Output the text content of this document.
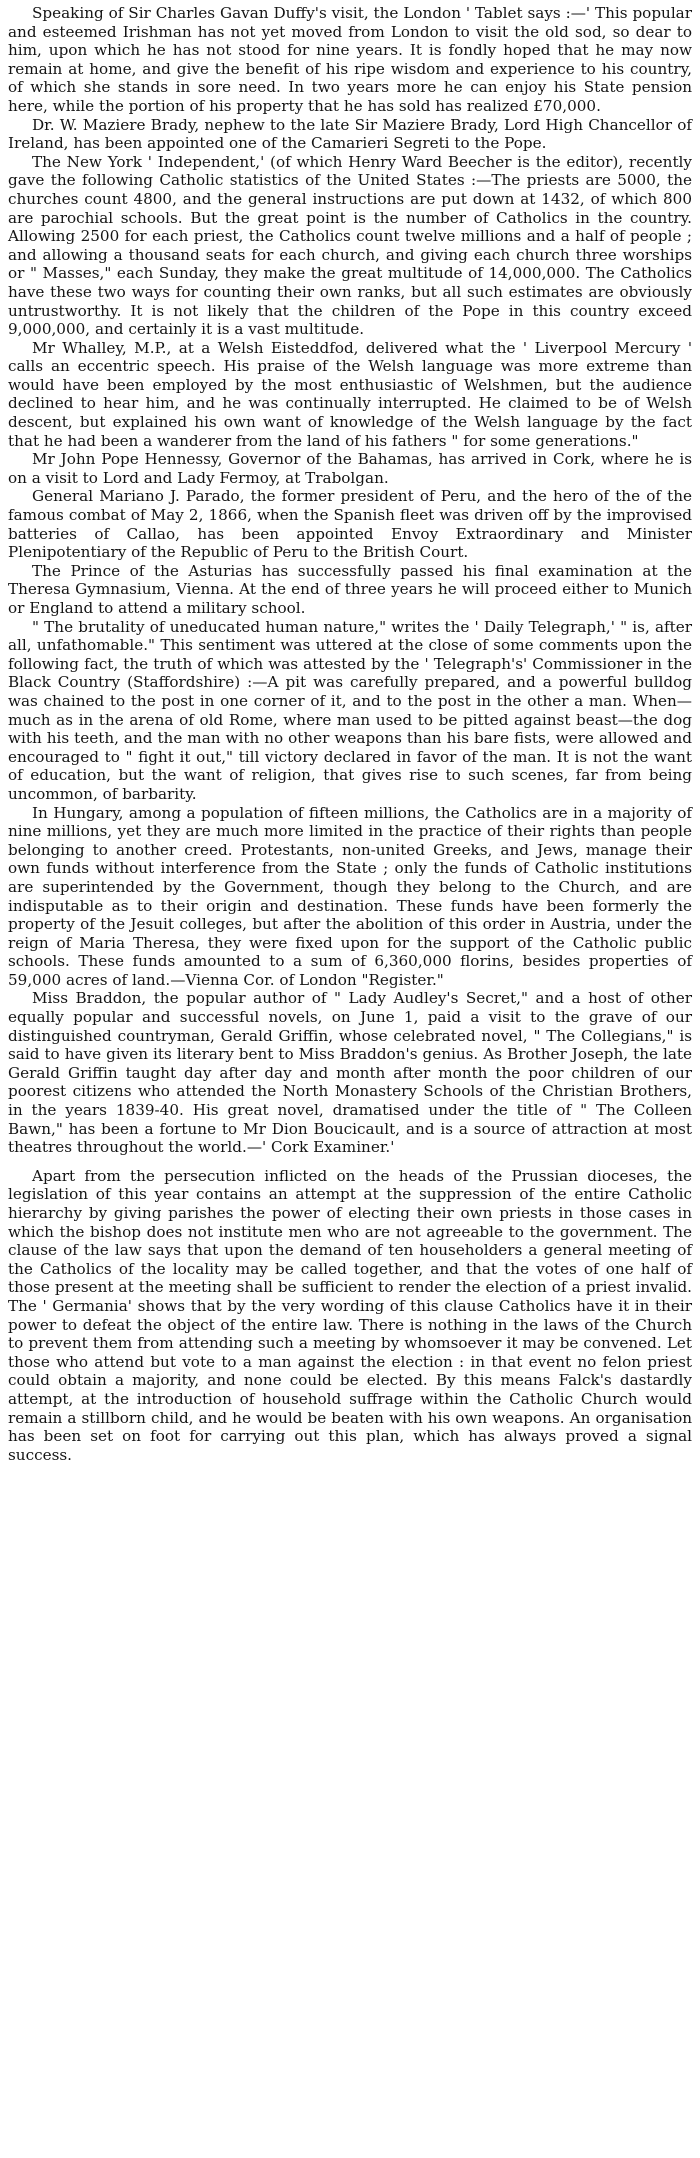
Speaking of Sir Charles Gavan Duffy's visit, the London ' Tablet says :—' This popular and esteemed Irishman has not yet moved from London to visit the old sod, so dear to him, upon which he has not stood for nine years. It is fondly hoped that he may now remain at home, and give the benefit of his ripe wisdom and experience to his country, of which she stands in sore need. In two years more he can enjoy his State pension here, while the portion of his property that he has sold has realized £70,000.

Dr. W. Maziere Brady, nephew to the late Sir Maziere Brady, Lord High Chancellor of Ireland, has been appointed one of the Camarieri Segreti to the Pope.

The New York ' Independent,' (of which Henry Ward Beecher is the editor), recently gave the following Catholic statistics of the United States :—The priests are 5000, the churches count 4800, and the general instructions are put down at 1432, of which 800 are parochial schools. But the great point is the number of Catholics in the country. Allowing 2500 for each priest, the Catholics count twelve millions and a half of people ; and allowing a thousand seats for each church, and giving each church three worships or " Masses," each Sunday, they make the great multitude of 14,000,000. The Catholics have these two ways for counting their own ranks, but all such estimates are obviously untrustworthy. It is not likely that the children of the Pope in this country exceed 9,000,000, and certainly it is a vast multitude.

Mr Whalley, M.P., at a Welsh Eisteddfod, delivered what the ' Liverpool Mercury ' calls an eccentric speech. His praise of the Welsh language was more extreme than would have been employed by the most enthusiastic of Welshmen, but the audience declined to hear him, and he was continually interrupted. He claimed to be of Welsh descent, but explained his own want of knowledge of the Welsh language by the fact that he had been a wanderer from the land of his fathers " for some generations."

Mr John Pope Hennessy, Governor of the Bahamas, has arrived in Cork, where he is on a visit to Lord and Lady Fermoy, at Trabolgan.

General Mariano J. Parado, the former president of Peru, and the hero of the of the famous combat of May 2, 1866, when the Spanish fleet was driven off by the improvised batteries of Callao, has been appointed Envoy Extraordinary and Minister Plenipotentiary of the Republic of Peru to the British Court.

The Prince of the Asturias has successfully passed his final examination at the Theresa Gymnasium, Vienna. At the end of three years he will proceed either to Munich or England to attend a military school.

" The brutality of uneducated human nature," writes the ' Daily Telegraph,' " is, after all, unfathomable." This sentiment was uttered at the close of some comments upon the following fact, the truth of which was attested by the ' Telegraph's' Commissioner in the Black Country (Staffordshire) :—A pit was carefully prepared, and a powerful bulldog was chained to the post in one corner of it, and to the post in the other a man. When—much as in the arena of old Rome, where man used to be pitted against beast—the dog with his teeth, and the man with no other weapons than his bare fists, were allowed and encouraged to " fight it out," till victory declared in favor of the man. It is not the want of education, but the want of religion, that gives rise to such scenes, far from being uncommon, of barbarity.

In Hungary, among a population of fifteen millions, the Catholics are in a majority of nine millions, yet they are much more limited in the practice of their rights than people belonging to another creed. Protestants, non-united Greeks, and Jews, manage their own funds without interference from the State ; only the funds of Catholic institutions are superintended by the Government, though they belong to the Church, and are indisputable as to their origin and destination. These funds have been formerly the property of the Jesuit colleges, but after the abolition of this order in Austria, under the reign of Maria Theresa, they were fixed upon for the support of the Catholic public schools. These funds amounted to a sum of 6,360,000 florins, besides properties of 59,000 acres of land.—Vienna Cor. of London "Register."

Miss Braddon, the popular author of " Lady Audley's Secret," and a host of other equally popular and successful novels, on June 1, paid a visit to the grave of our distinguished countryman, Gerald Griffin, whose celebrated novel, " The Collegians," is said to have given its literary bent to Miss Braddon's genius. As Brother Joseph, the late Gerald Griffin taught day after day and month after month the poor children of our poorest citizens who attended the North Monastery Schools of the Christian Brothers, in the years 1839-40. His great novel, dramatised under the title of " The Colleen Bawn," has been a fortune to Mr Dion Boucicault, and is a source of attraction at most theatres throughout the world.—' Cork Examiner.'

Apart from the persecution inflicted on the heads of the Prussian dioceses, the legislation of this year contains an attempt at the suppression of the entire Catholic hierarchy by giving parishes the power of electing their own priests in those cases in which the bishop does not institute men who are not agreeable to the government. The clause of the law says that upon the demand of ten householders a general meeting of the Catholics of the locality may be called together, and that the votes of one half of those present at the meeting shall be sufficient to render the election of a priest invalid. The ' Germania' shows that by the very wording of this clause Catholics have it in their power to defeat the object of the entire law. There is nothing in the laws of the Church to prevent them from attending such a meeting by whomsoever it may be convened. Let those who attend but vote to a man against the election : in that event no felon priest could obtain a majority, and none could be elected. By this means Falck's dastardly attempt, at the introduction of household suffrage within the Catholic Church would remain a stillborn child, and he would be beaten with his own weapons. An organisation has been set on foot for carrying out this plan, which has always proved a signal success.
